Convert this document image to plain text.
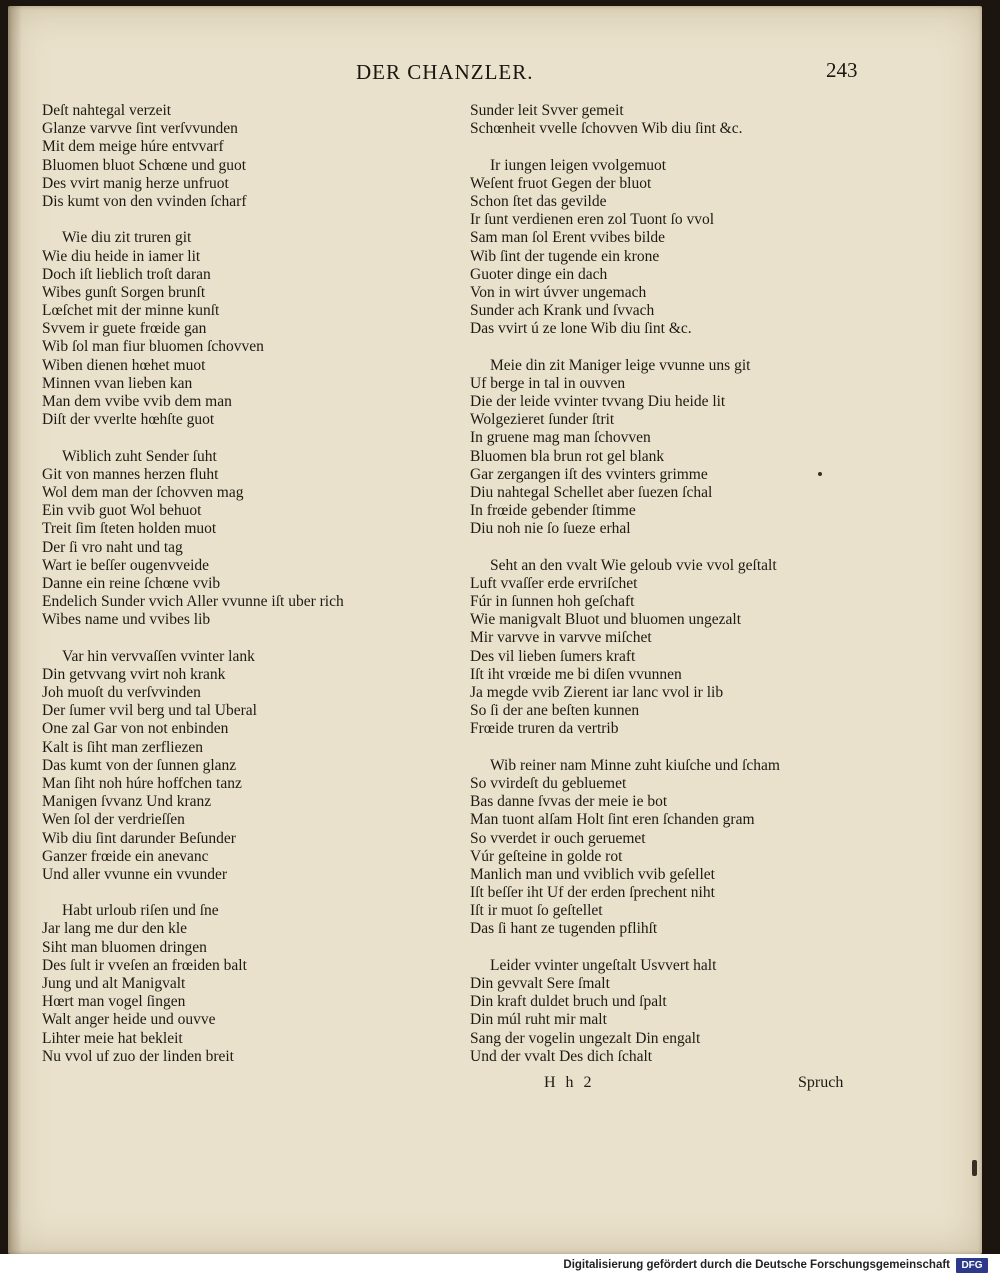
DER CHANZLER.	243
Deſt nahtegal verzeit
Glanze varvve ſint verſvvunden
Mit dem meige húre entvvarf
Bluomen bluot Schœne und guot
Des vvirt manig herze unfruot
Dis kumt von den vvinden ſcharf
Wie diu zit truren git
Wie diu heide in iamer lit
Doch iſt lieblich troſt daran
Wibes gunſt Sorgen brunſt
Lœſchet mit der minne kunſt
Svvem ir guete frœide gan
Wib ſol man fiur bluomen ſchovven
Wiben dienen hœhet muot
Minnen vvan lieben kan
Man dem vvibe vvib dem man
Diſt der vverlte hœhſte guot
Wiblich zuht Sender ſuht
Git von mannes herzen fluht
Wol dem man der ſchovven mag
Ein vvib guot Wol behuot
Treit ſim ſteten holden muot
Der ſi vro naht und tag
Wart ie beſſer ougenvveide
Danne ein reine ſchœne vvib
Endelich Sunder vvich Aller vvunne iſt uber rich
Wibes name und vvibes lib
Var hin vervvaſſen vvinter lank
Din getvvang vvirt noh krank
Joh muoſt du verſvvinden
Der ſumer vvil berg und tal Uberal
One zal Gar von not enbinden
Kalt is ſiht man zerfliezen
Das kumt von der ſunnen glanz
Man ſiht noh húre hoffchen tanz
Manigen ſvvanz Und kranz
Wen ſol der verdrieſſen
Wib diu ſint darunder Beſunder
Ganzer frœide ein anevanc
Und aller vvunne ein vvunder
Habt urloub riſen und ſne
Jar lang me dur den kle
Siht man bluomen dringen
Des ſult ir vveſen an frœiden balt
Jung und alt Manigvalt
Hœrt man vogel ſingen
Walt anger heide und ouvve
Lihter meie hat bekleit
Nu vvol uf zuo der linden breit
Sunder leit Svver gemeit
Schœnheit vvelle ſchovven Wib diu ſint &c.
Ir iungen leigen vvolgemuot
Weſent fruot Gegen der bluot
Schon ſtet das gevilde
Ir ſunt verdienen eren zol Tuont ſo vvol
Sam man ſol Erent vvibes bilde
Wib ſint der tugende ein krone
Guoter dinge ein dach
Von in wirt úvver ungemach
Sunder ach Krank und ſvvach
Das vvirt ú ze lone Wib diu ſint &c.
Meie din zit Maniger leige vvunne uns git
Uf berge in tal in ouvven
Die der leide vvinter tvvang Diu heide lit
Wolgezieret ſunder ſtrit
In gruene mag man ſchovven
Bluomen bla brun rot gel blank
Gar zergangen iſt des vvinters grimme
Diu nahtegal Schellet aber ſuezen ſchal
In frœide gebender ſtimme
Diu noh nie ſo ſueze erhal
Seht an den vvalt Wie geloub vvie vvol geſtalt
Luft vvaſſer erde ervriſchet
Fúr in ſunnen hoh geſchaft
Wie manigvalt Bluot und bluomen ungezalt
Mir varvve in varvve miſchet
Des vil lieben ſumers kraft
Iſt iht vrœide me bi diſen vvunnen
Ja megde vvib Zierent iar lanc vvol ir lib
So ſi der ane beſten kunnen
Frœide truren da vertrib
Wib reiner nam Minne zuht kiuſche und ſcham
So vvirdeſt du gebluemet
Bas danne ſvvas der meie ie bot
Man tuont alſam Holt ſint eren ſchanden gram
So vverdet ir ouch geruemet
Vúr geſteine in golde rot
Manlich man und vviblich vvib geſellet
Iſt beſſer iht Uf der erden ſprechent niht
Iſt ir muot ſo geſtellet
Das ſi hant ze tugenden pflihſt
Leider vvinter ungeſtalt Usvvert halt
Din gevvalt Sere ſmalt
Din kraft duldet bruch und ſpalt
Din múl ruht mir malt
Sang der vogelin ungezalt Din engalt
Und der vvalt Des dich ſchalt
H h 2	Spruch
Digitalisierung gefördert durch die Deutsche Forschungsgemeinschaft	DFG
